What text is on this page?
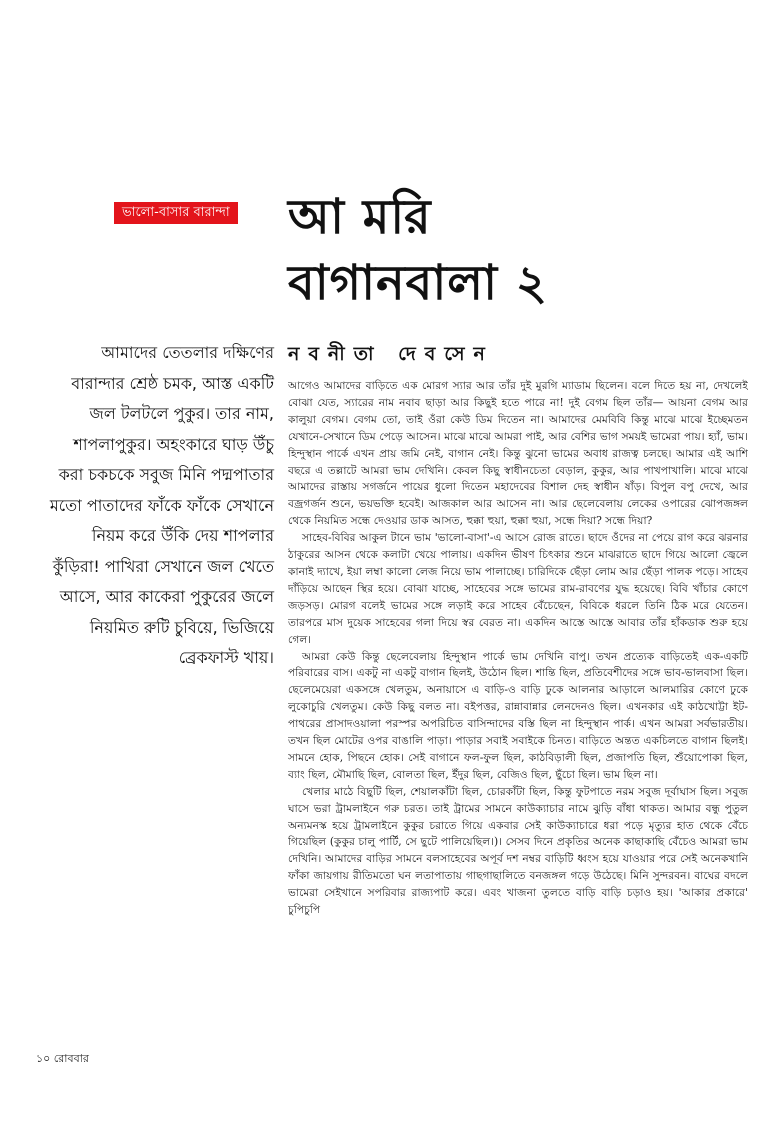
ভালো-বাসার বারান্দা আ মরি
বাগানবালা ২
নবনীতা দেবসেন
আমাদের তেতলার দক্ষিণের বারান্দার শ্রেষ্ঠ চমক, আস্ত একটি জল টলটলে পুকুর। তার নাম, শাপলাপুকুর। অহংকারে ঘাড় উঁচু করা চকচকে সবুজ মিনি পদ্মপাতার মতো পাতাদের ফাঁকে ফাঁকে সেখানে নিয়ম করে উঁকি দেয় শাপলার কুঁড়িরা! পাখিরা সেখানে জল খেতে আসে, আর কাকেরা পুকুরের জলে নিয়মিত রুটি চুবিয়ে, ভিজিয়ে ব্রেকফাস্ট খায়।

আগেও আমাদের বাড়িতে এক মোরগ স্যার আর তাঁর দুই মুরগি ম্যাডাম ছিলেন। বলে দিতে হয় না, দেখলেই বোঝা যেত, স্যারের নাম নবাব ছাড়া আর কিছুই হতে পারে না! দুই বেগম ছিল তাঁর— আয়না বেগম আর কালুয়া বেগম। বেগম তো, তাই ওঁরা কেউ ডিম দিতেন না। আমাদের মেমবিবি কিন্তু মাঝে মাঝে ইচ্ছেমতন যেখানে-সেখানে ডিম পেড়ে আসেন। মাঝে মাঝে আমরা পাই, আর বেশির ভাগ সময়ই ভামেরা পায়। হ্যাঁ, ভাম। হিন্দুস্থান পার্কে এখন প্রায় জমি নেই, বাগান নেই। কিন্তু ঝুনো ভামের অবাধ রাজত্ব চলছে। আমার এই আশি বছরে এ তল্লাটে আমরা ভাম দেখিনি। কেবল কিছু স্বাধীনচেতা বেড়াল, কুকুর, আর পাখপাখালি। মাঝে মাঝে আমাদের রাস্তায় সগর্জনে পায়ের ধুলো দিতেন মহাদেবের বিশাল দেহ স্বাধীন ষাঁড়। বিপুল বপু দেখে, আর বজ্রগর্জন শুনে, ভয়ভক্তি হবেই। আজকাল আর আসেন না। আর ছেলেবেলায় লেকের ওপারের ঝোপজঙ্গল থেকে নিয়মিত সন্ধে দেওয়ার ডাক আসত, হুক্কা হুয়া, হুক্কা হুয়া, সন্ধে দিয়া? সন্ধে দিয়া?

সাহেব-বিবির আকুল টানে ভাম 'ভালো-বাসা'-এ আসে রোজ রাতে। ছাদে ওঁদের না পেয়ে রাগ করে ঝরনার ঠাকুরের আসন থেকে কলাটা খেয়ে পালায়। একদিন ভীষণ চিৎকার শুনে মাঝরাতে ছাদে গিয়ে আলো জ্বেলে কানাই দ্যাখে, ইয়া লম্বা কালো লেজ নিয়ে ভাম পালাচ্ছে। চারিদিকে ছেঁড়া লোম আর ছেঁড়া পালক পড়ে। সাহেব দাঁড়িয়ে আছেন স্থির হয়ে। বোঝা যাচ্ছে, সাহেবের সঙ্গে ভামের রাম-রাবণের যুদ্ধ হয়েছে। বিবি খাঁচার কোণে জড়সড়। মোরগ বলেই ভামের সঙ্গে লড়াই করে সাহেব বেঁচেছেন, বিবিকে ধরলে তিনি ঠিক মরে যেতেন। তারপরে মাস দুয়েক সাহেবের গলা দিয়ে স্বর বেরত না। একদিন আস্তে আস্তে আবার তাঁর হাঁকডাক শুরু হয়ে গেল।

আমরা কেউ কিন্তু ছেলেবেলায় হিন্দুস্থান পার্কে ভাম দেখিনি বাপু। তখন প্রত্যেক বাড়িতেই এক-একটি পরিবারের বাস। একটু না একটু বাগান ছিলই, উঠোন ছিল। শান্তি ছিল, প্রতিবেশীদের সঙ্গে ভাব-ভালবাসা ছিল। ছেলেমেয়েরা একসঙ্গে খেলতুম, অনায়াসে এ বাড়ি-ও বাড়ি ঢুকে আলনার আড়ালে আলমারির কোণে ঢুকে লুকোচুরি খেলতুম। কেউ কিছু বলত না। বইপত্তর, রান্নাবান্নার লেনদেনও ছিল। এখনকার এই কাঠখোট্টা ইট-পাথরের প্রাসাদওয়ালা পরস্পর অপরিচিত বাসিন্দাদের বস্তি ছিল না হিন্দুস্থান পার্ক। এখন আমরা সর্বভারতীয়। তখন ছিল মোটের ওপর বাঙালি পাড়া। পাড়ার সবাই সবাইকে চিনত। বাড়িতে অন্তত একচিলতে বাগান ছিলই। সামনে হোক, পিছনে হোক। সেই বাগানে ফল-ফুল ছিল, কাঠবিড়ালী ছিল, প্রজাপতি ছিল, শুঁয়োপোকা ছিল, ব্যাং ছিল, মৌমাছি ছিল, বোলতা ছিল, ইঁদুর ছিল, বেজিও ছিল, ছুঁচো ছিল। ভাম ছিল না।

খেলার মাঠে বিছুটি ছিল, শেয়ালকাঁটা ছিল, চোরকাঁটা ছিল, কিন্তু ফুটপাতে নরম সবুজ দূর্বাঘাস ছিল। সবুজ ঘাসে ভরা ট্রামলাইনে গরু চরত। তাই ট্রামের সামনে কাউক্যাচার নামে ঝুড়ি বাঁধা থাকত। আমার বন্ধু পুতুল অন্যমনস্ক হয়ে ট্রামলাইনে কুকুর চরাতে গিয়ে একবার সেই কাউক্যাচারে ধরা পড়ে মৃত্যুর হাত থেকে বেঁচে গিয়েছিল (কুকুর চালু পার্টি, সে ছুটে পালিয়েছিল।)। সেসব দিনে প্রকৃতির অনেক কাছাকাছি বেঁচেও আমরা ভাম দেখিনি। আমাদের বাড়ির সামনে বলসাহেবের অপূর্ব দশ নম্বর বাড়িটি ধ্বংস হয়ে যাওয়ার পরে সেই অনেকখানি ফাঁকা জায়গায় রীতিমতো ঘন লতাপাতায় গাছগাছালিতে বনজঙ্গল গড়ে উঠেছে। মিনি সুন্দরবন। বাঘের বদলে ভামেরা সেইখানে সপরিবার রাজ্যপাট করে। এবং খাজনা তুলতে বাড়ি বাড়ি চড়াও হয়। 'আকার প্রকারে' চুপিচুপি

১০ রোববার
